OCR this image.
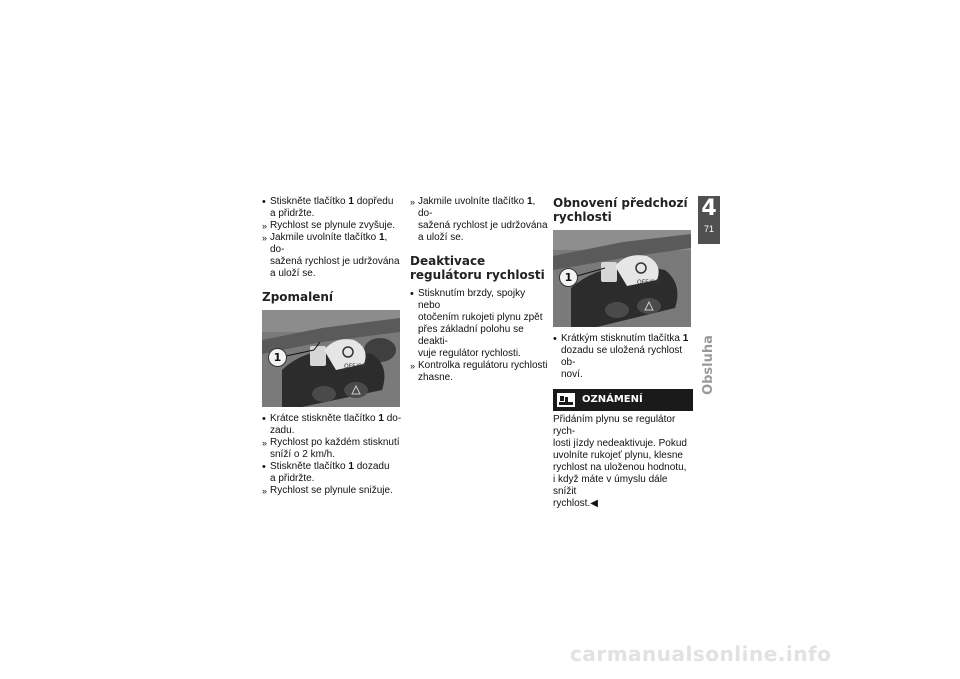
• Stiskněte tlačítko 1 dopředu
a přidržte.

» Rychlost se plynule zvyšuje.

» Jakmile uvolníte tlačítko 1, do-
sažená rychlost je udržována

a uloží se.

Zpomalení
OFF/ON
1

• Krátce stiskněte tlačítko 1 do-
zadu.

» Rychlost po každém stisknutí
sníží o 2 km/h.

• Stiskněte tlačítko 1 dozadu
a přidržte.

» Rychlost se plynule snižuje.

» Jakmile uvolníte tlačítko 1, do-
sažená rychlost je udržována

a uloží se.

Deaktivace regulátoru rychlosti

• Stisknutím brzdy, spojky nebo
otočením rukojeti plynu zpět

přes základní polohu se deakti-
vuje regulátor rychlosti.

» Kontrolka regulátoru rychlosti
zhasne.

Obnovení předchozí rychlosti
OFF/ON
1

• Krátkým stisknutím tlačítka 1
dozadu se uložená rychlost ob-

noví.

OZNÁMENÍ
Přidáním plynu se regulátor rych-
losti jízdy nedeaktivuje. Pokud
uvolníte rukojeť plynu, klesne
rychlost na uloženou hodnotu,
i když máte v úmyslu dále snížit
rychlost.◀
4
71
Obsluha
carmanualsonline.info
